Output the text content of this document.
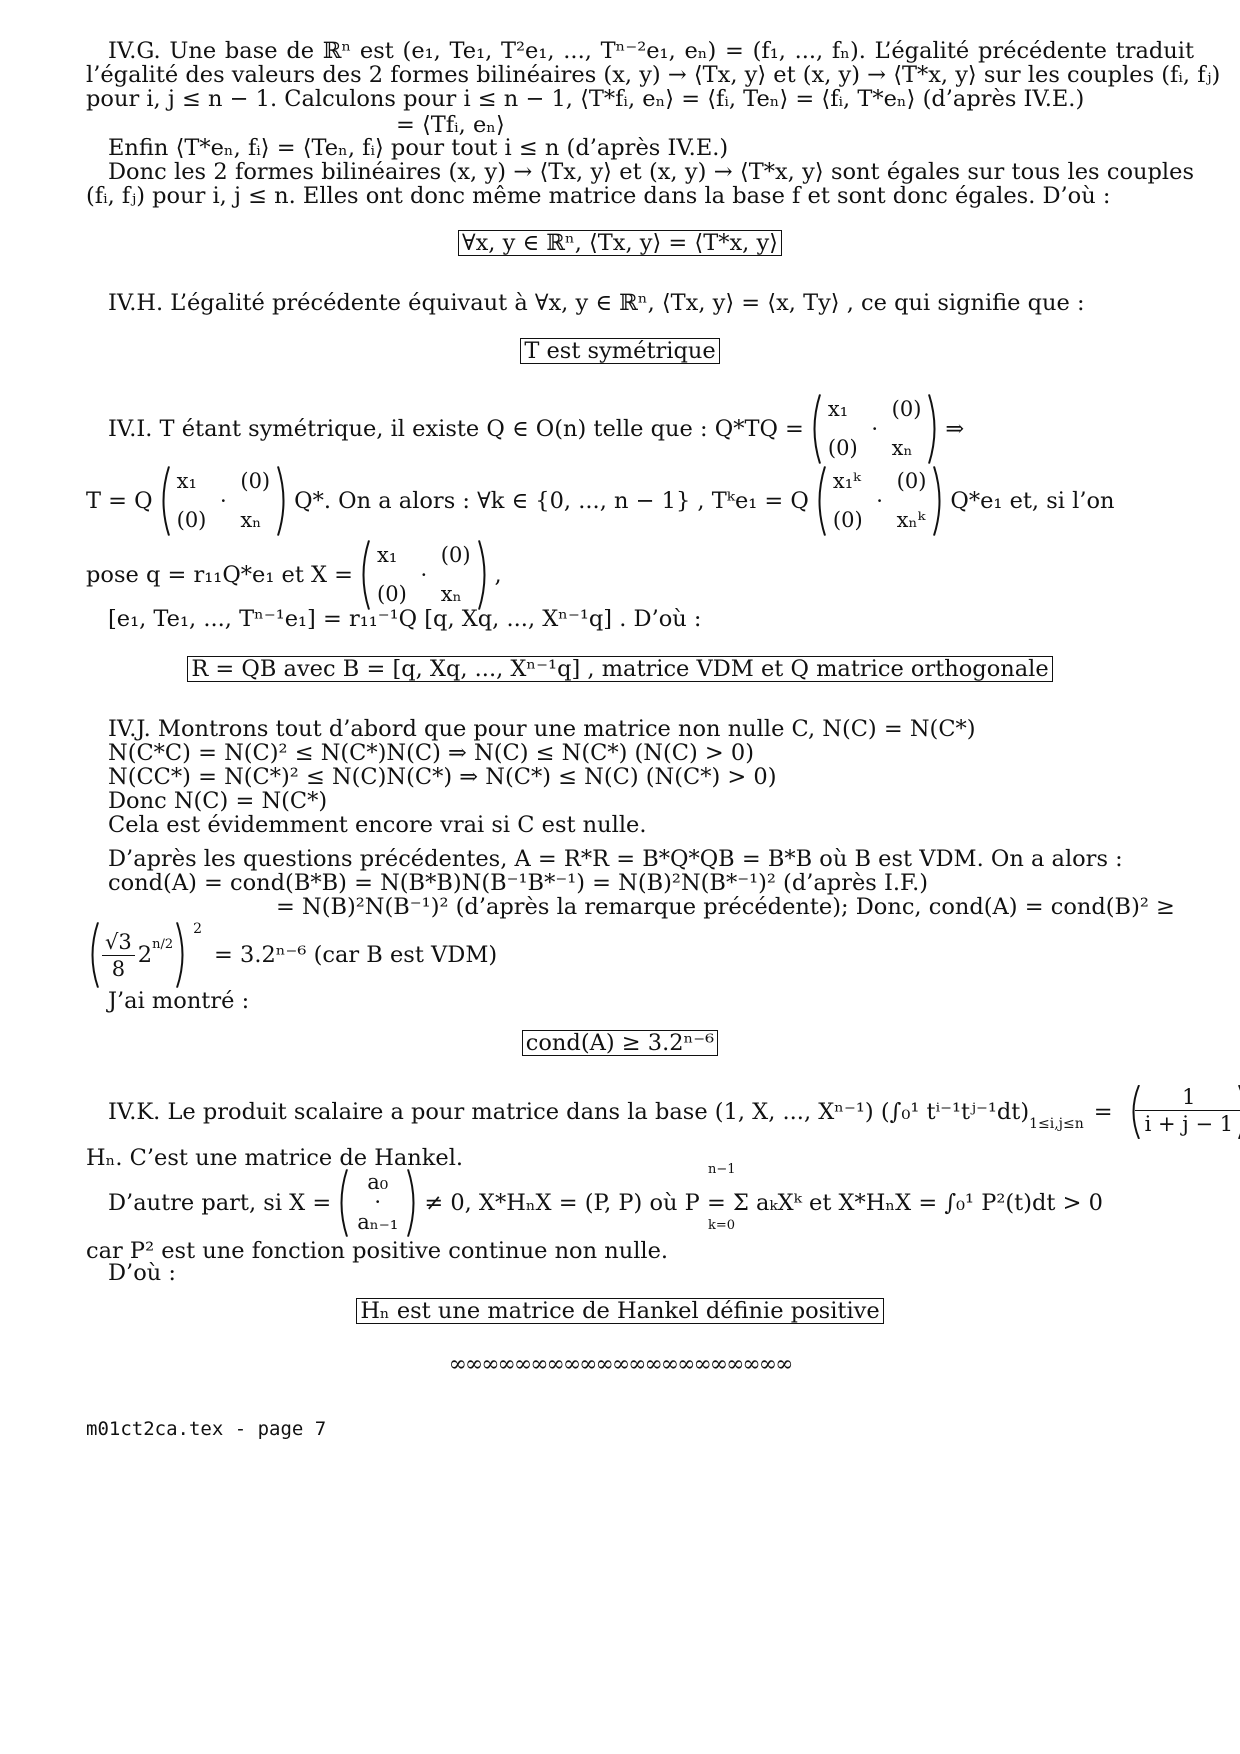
IV.G. Une base de ℝⁿ est (e₁, Te₁, T²e₁, ..., Tⁿ⁻²e₁, eₙ) = (f₁, ..., fₙ). L’égalité précédente traduit
l’égalité des valeurs des 2 formes bilinéaires (x, y) → ⟨Tx, y⟩ et (x, y) → ⟨T*x, y⟩ sur les couples (fᵢ, fⱼ)
pour i, j ≤ n − 1. Calculons pour i ≤ n − 1, ⟨T*fᵢ, eₙ⟩ = ⟨fᵢ, Teₙ⟩ = ⟨fᵢ, T*eₙ⟩ (d’après IV.E.)
= ⟨Tfᵢ, eₙ⟩
Enfin ⟨T*eₙ, fᵢ⟩ = ⟨Teₙ, fᵢ⟩ pour tout i ≤ n (d’après IV.E.)
Donc les 2 formes bilinéaires (x, y) → ⟨Tx, y⟩ et (x, y) → ⟨T*x, y⟩ sont égales sur tous les couples
(fᵢ, fⱼ) pour i, j ≤ n. Elles ont donc même matrice dans la base f et sont donc égales. D’où :
∀x, y ∈ ℝⁿ, ⟨Tx, y⟩ = ⟨T*x, y⟩
IV.H. L’égalité précédente équivaut à ∀x, y ∈ ℝⁿ, ⟨Tx, y⟩ = ⟨x, Ty⟩ , ce qui signifie que :
T est symétrique
IV.I. T étant symétrique, il existe Q ∈ O(n) telle que : Q*TQ =
x₁	(0)
·
(0) xₙ
⇒
T = Q
x₁	(0)
·
(0) xₙ
Q*. On a alors : ∀k ∈ {0, ..., n − 1} , Tᵏe₁ = Q
x₁ᵏ (0)
·
(0) xₙᵏ
Q*e₁ et, si l’on
pose q = r₁₁Q*e₁ et X =
x₁	(0)
·
(0) xₙ
,
[e₁, Te₁, ..., Tⁿ⁻¹e₁] = r₁₁⁻¹Q [q, Xq, ..., Xⁿ⁻¹q] . D’où :
R = QB avec B = [q, Xq, ..., Xⁿ⁻¹q] , matrice VDM et Q matrice orthogonale
IV.J. Montrons tout d’abord que pour une matrice non nulle C, N(C) = N(C*)
N(C*C) = N(C)² ≤ N(C*)N(C) ⇒ N(C) ≤ N(C*) (N(C) > 0)
N(CC*) = N(C*)² ≤ N(C)N(C*) ⇒ N(C*) ≤ N(C) (N(C*) > 0)
Donc N(C) = N(C*)
Cela est évidemment encore vrai si C est nulle.
D’après les questions précédentes, A = R*R = B*Q*QB = B*B où B est VDM. On a alors :
cond(A) = cond(B*B) = N(B*B)N(B⁻¹B*⁻¹) = N(B)²N(B*⁻¹)² (d’après I.F.)
= N(B)²N(B⁻¹)² (d’après la remarque précédente); Donc, cond(A) = cond(B)² ≥
$\frac{√3}{8} 2^{n/2}$
$^2$
= 3.2ⁿ⁻⁶ (car B est VDM)
J’ai montré :
cond(A) ≥ 3.2ⁿ⁻⁶
IV.K. Le produit scalaire a pour matrice dans la base (1, X, ..., Xⁿ⁻¹) (∫₀¹ $t^{i-1}tʲ^{-1}dt)_{1\le i,j\le n} = \frac{1}{i + j - 1}$
Hₙ. C’est une matrice de Hankel.
D’autre part, si X =
a₀
·
aₙ₋₁
≠ 0, X*HₙX = (P, P) où P = Σ aₖXᵏ et X*HₙX = ∫₀¹ P²(t)dt > 0
n−1
k=0
car P² est une fonction positive continue non nulle.
D’où :
Hₙ est une matrice de Hankel définie positive
∞∞∞∞∞∞∞∞∞∞∞∞∞∞∞∞∞∞∞∞∞
m01ct2ca.tex - page 7
